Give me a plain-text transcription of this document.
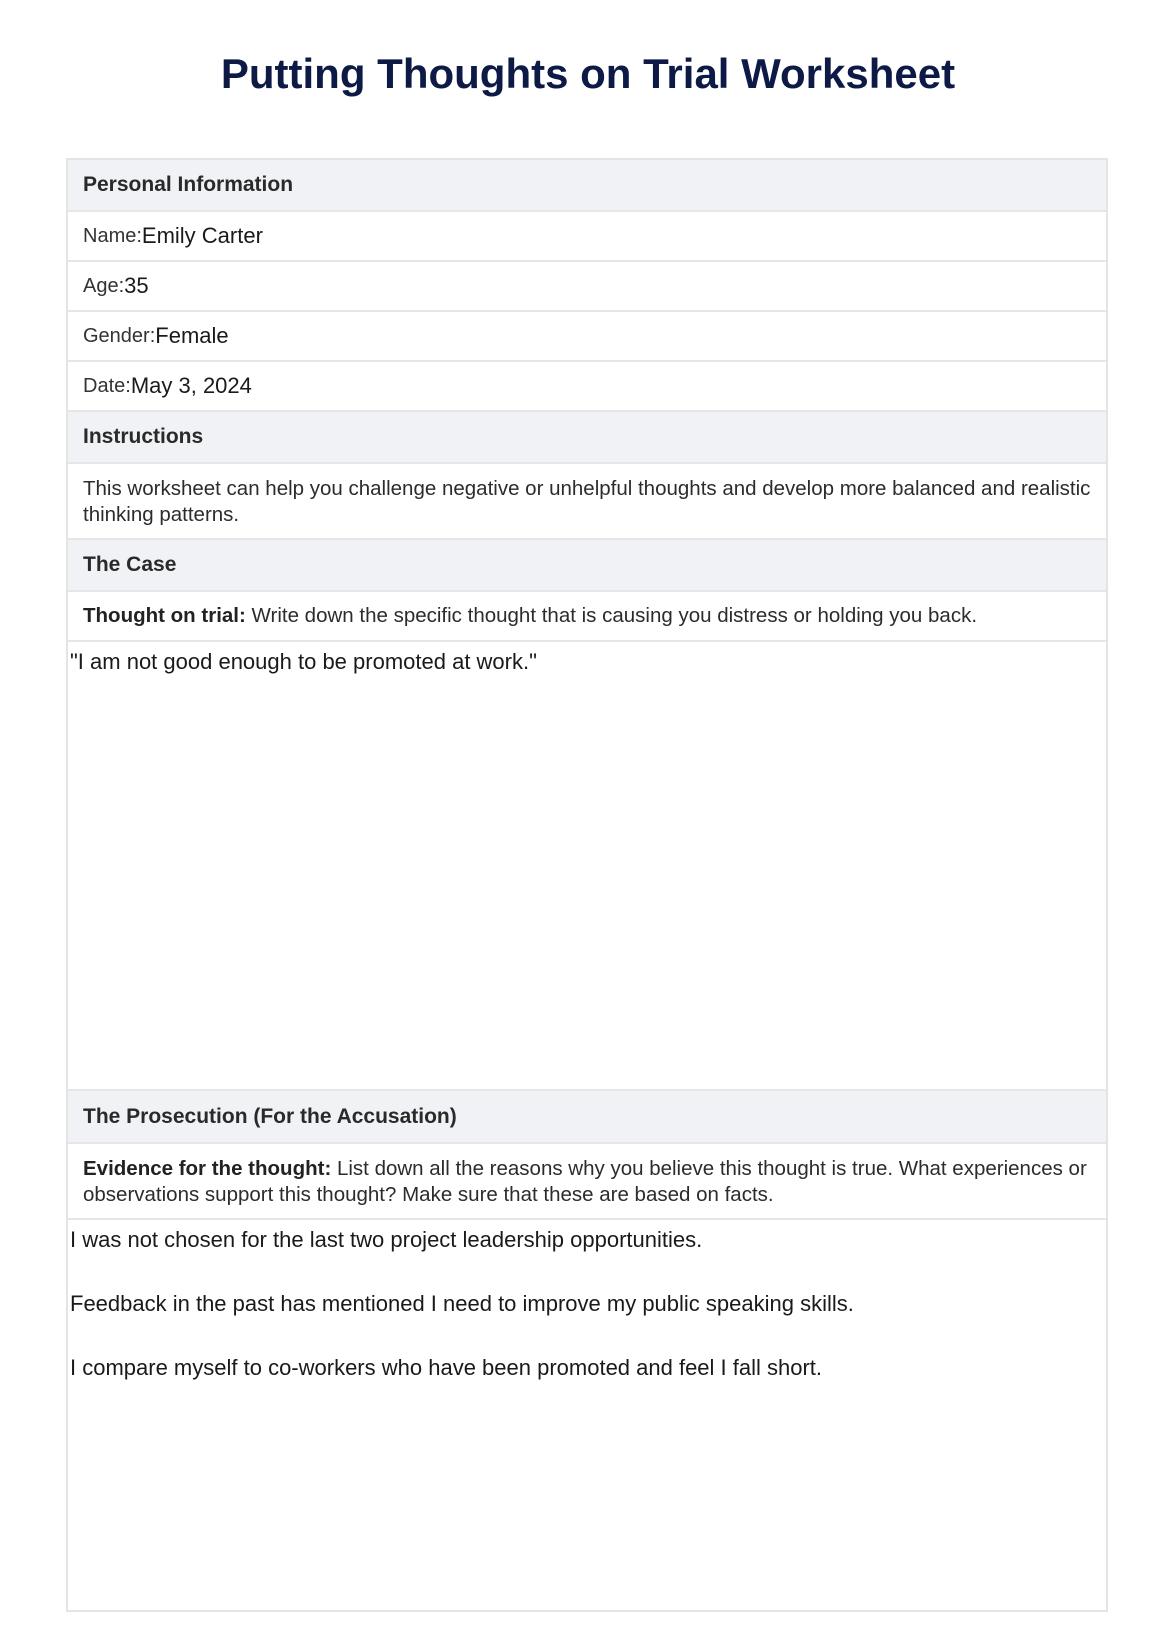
Putting Thoughts on Trial Worksheet
Personal Information
Name: Emily Carter
Age: 35
Gender: Female
Date: May 3, 2024
Instructions
This worksheet can help you challenge negative or unhelpful thoughts and develop more balanced and realistic thinking patterns.
The Case
Thought on trial: Write down the specific thought that is causing you distress or holding you back.
"I am not good enough to be promoted at work."
The Prosecution (For the Accusation)
Evidence for the thought: List down all the reasons why you believe this thought is true. What experiences or observations support this thought? Make sure that these are based on facts.

I was not chosen for the last two project leadership opportunities.

Feedback in the past has mentioned I need to improve my public speaking skills.

I compare myself to co-workers who have been promoted and feel I fall short.
